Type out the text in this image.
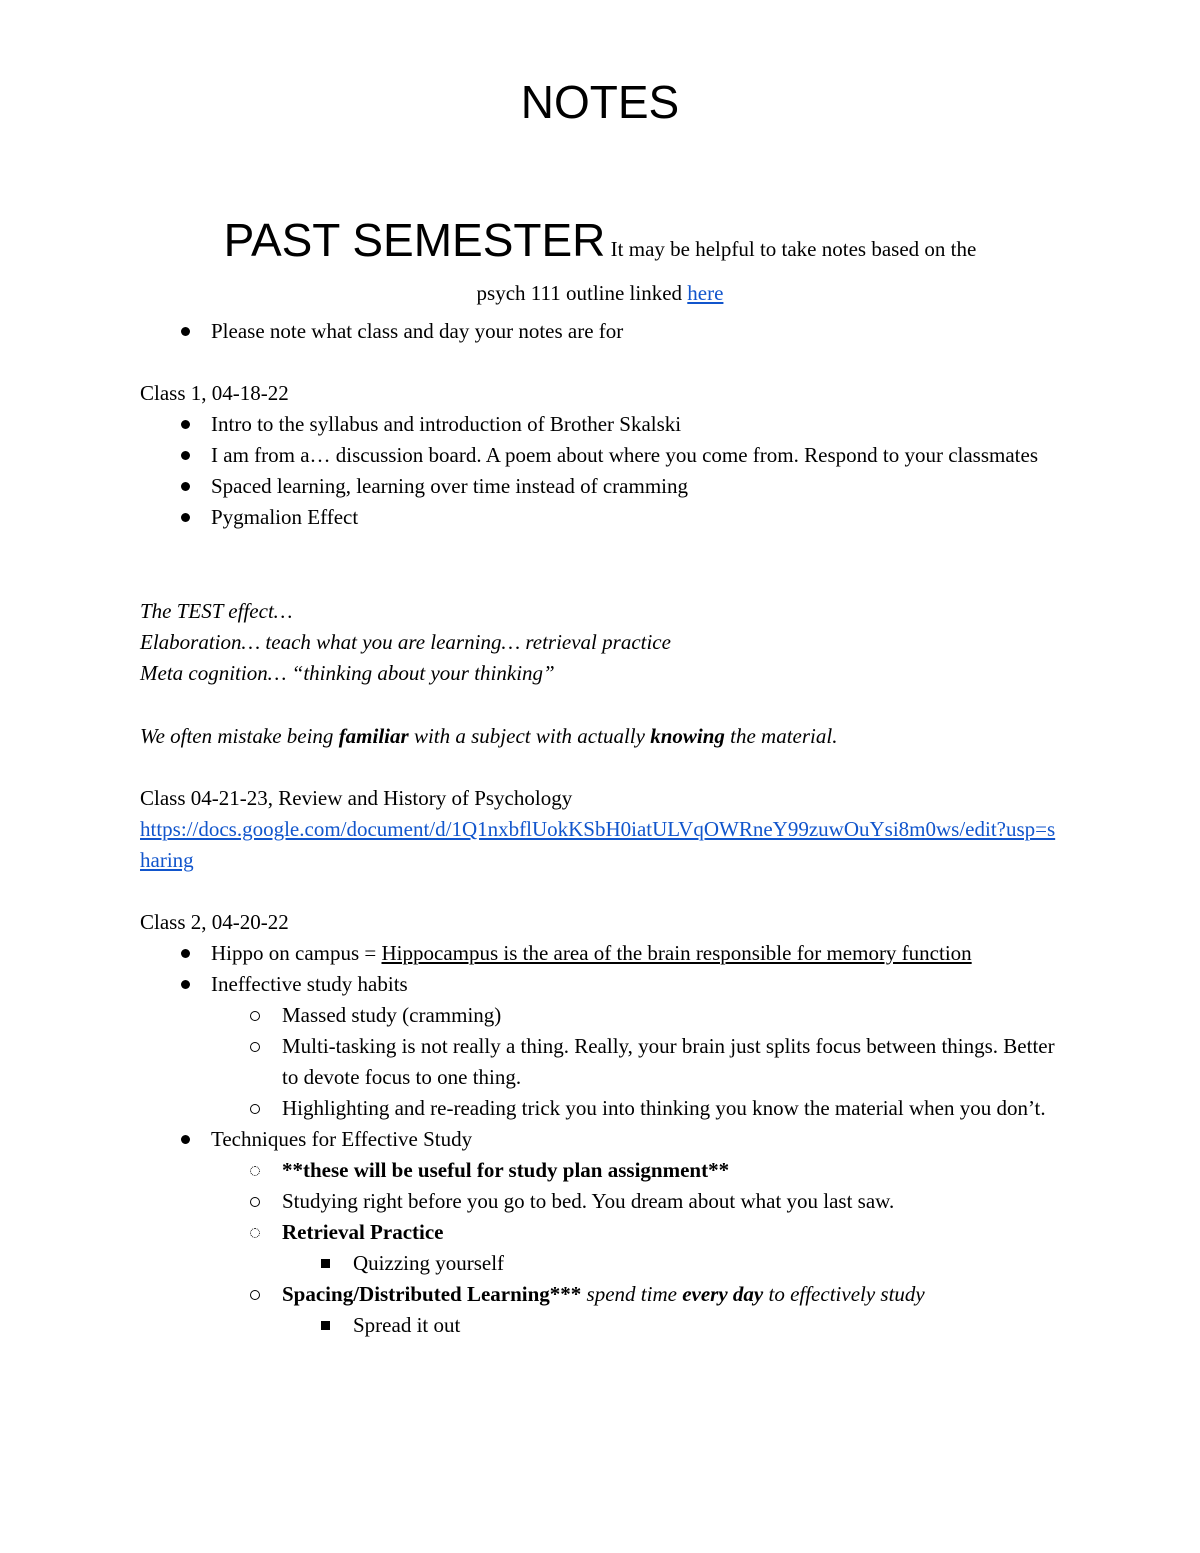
NOTES
PAST SEMESTER It may be helpful to take notes based on the
psych 111 outline linked here
Please note what class and day your notes are for
Class 1, 04-18-22
Intro to the syllabus and introduction of Brother Skalski
I am from a… discussion board. A poem about where you come from. Respond to your classmates
Spaced learning, learning over time instead of cramming
Pygmalion Effect
The TEST effect…
Elaboration… teach what you are learning… retrieval practice
Meta cognition… “thinking about your thinking”
We often mistake being familiar with a subject with actually knowing the material.
Class 04-21-23, Review and History of Psychology
https://docs.google.com/document/d/1Q1nxbflUokKSbH0iatULVqOWRneY99zuwOuYsi8m0ws/edit?usp=sharing
Class 2, 04-20-22
Hippo on campus = Hippocampus is the area of the brain responsible for memory function
Ineffective study habits
Massed study (cramming)
Multi-tasking is not really a thing. Really, your brain just splits focus between things. Better to devote focus to one thing.
Highlighting and re-reading trick you into thinking you know the material when you don’t.
Techniques for Effective Study
**these will be useful for study plan assignment**
Studying right before you go to bed. You dream about what you last saw.
Retrieval Practice
Quizzing yourself
Spacing/Distributed Learning*** spend time every day to effectively study
Spread it out
